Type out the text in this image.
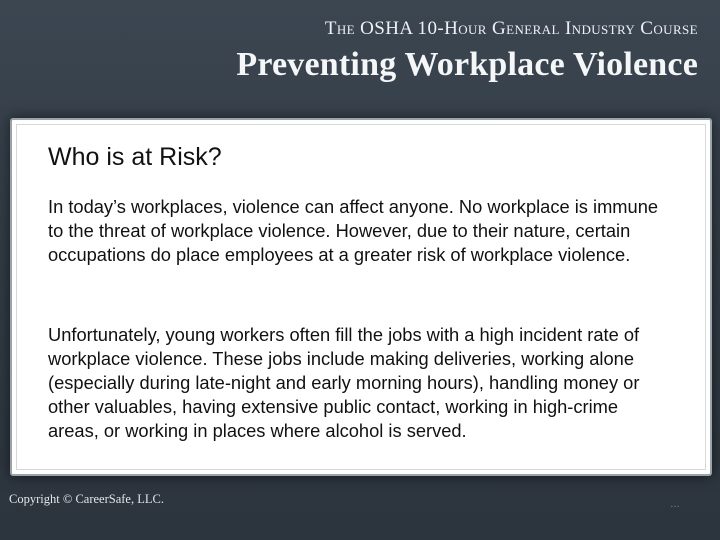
The OSHA 10-Hour General Industry Course

Preventing Workplace Violence
Who is at Risk?

In today’s workplaces, violence can affect anyone. No workplace is immune to the threat of workplace violence. However, due to their nature, certain occupations do place employees at a greater risk of workplace violence.

Unfortunately, young workers often fill the jobs with a high incident rate of workplace violence. These jobs include making deliveries, working alone (especially during late-night and early morning hours), handling money or other valuables, having extensive public contact, working in high-crime areas, or working in places where alcohol is served.

Copyright © CareerSafe, LLC.	…
